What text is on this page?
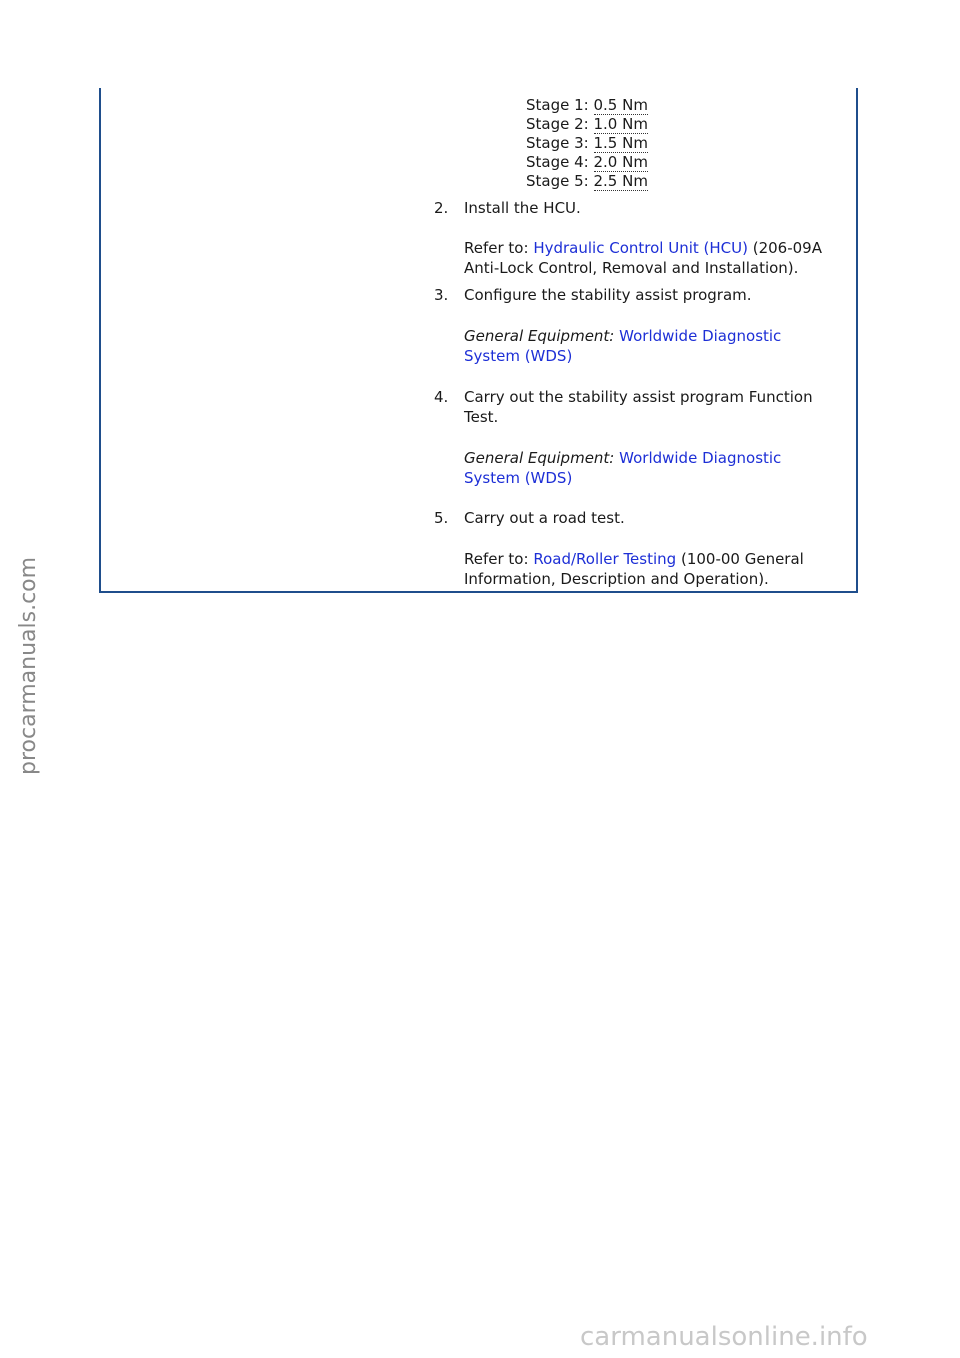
Stage 1: 0.5 Nm
Stage 2: 1.0 Nm
Stage 3: 1.5 Nm
Stage 4: 2.0 Nm
Stage 5: 2.5 Nm
2. Install the HCU.
Refer to: Hydraulic Control Unit (HCU) (206-09A
Anti-Lock Control, Removal and Installation).
3. Configure the stability assist program.
General Equipment: Worldwide Diagnostic
System (WDS)
4. Carry out the stability assist program Function
Test.
General Equipment: Worldwide Diagnostic
System (WDS)
5. Carry out a road test.
Refer to: Road/Roller Testing (100-00 General
Information, Description and Operation).
procarmanuals.com
carmanualsonline.info
